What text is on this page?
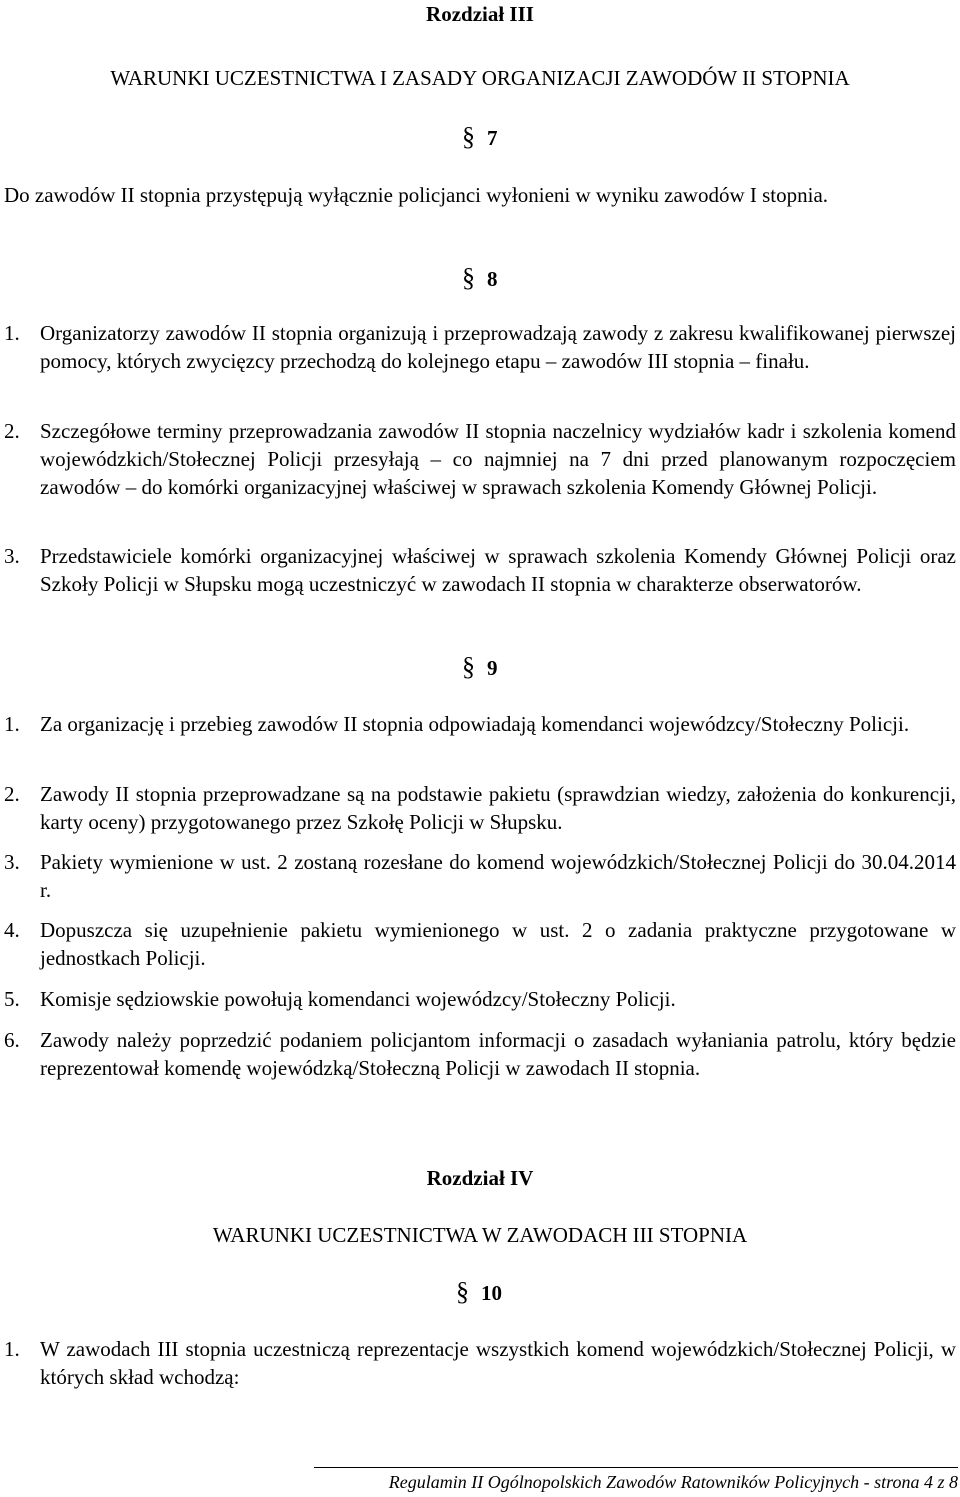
Rozdział III
WARUNKI UCZESTNICTWA I ZASADY ORGANIZACJI ZAWODÓW II STOPNIA
§ 7
Do zawodów II stopnia przystępują wyłącznie policjanci wyłonieni w wyniku zawodów I stopnia.
§ 8
1. Organizatorzy zawodów II stopnia organizują i przeprowadzają zawody z zakresu kwalifikowanej pierwszej pomocy, których zwycięzcy przechodzą do kolejnego etapu – zawodów III stopnia – finału.
2. Szczegółowe terminy przeprowadzania zawodów II stopnia naczelnicy wydziałów kadr i szkolenia komend wojewódzkich/Stołecznej Policji przesyłają – co najmniej na 7 dni przed planowanym rozpoczęciem zawodów – do komórki organizacyjnej właściwej w sprawach szkolenia Komendy Głównej Policji.
3. Przedstawiciele komórki organizacyjnej właściwej w sprawach szkolenia Komendy Głównej Policji oraz Szkoły Policji w Słupsku mogą uczestniczyć w zawodach II stopnia w charakterze obserwatorów.
§ 9
1. Za organizację i przebieg zawodów II stopnia odpowiadają komendanci wojewódzcy/Stołeczny Policji.
2. Zawody II stopnia przeprowadzane są na podstawie pakietu (sprawdzian wiedzy, założenia do konkurencji, karty oceny) przygotowanego przez Szkołę Policji w Słupsku.
3. Pakiety wymienione w ust. 2 zostaną rozesłane do komend wojewódzkich/Stołecznej Policji do 30.04.2014 r.
4. Dopuszcza się uzupełnienie pakietu wymienionego w ust. 2 o zadania praktyczne przygotowane w jednostkach Policji.
5. Komisje sędziowskie powołują komendanci wojewódzcy/Stołeczny Policji.
6. Zawody należy poprzedzić podaniem policjantom informacji o zasadach wyłaniania patrolu, który będzie reprezentował komendę wojewódzką/Stołeczną Policji w zawodach II stopnia.
Rozdział IV
WARUNKI UCZESTNICTWA W ZAWODACH III STOPNIA
§ 10
1. W zawodach III stopnia uczestniczą reprezentacje wszystkich komend wojewódzkich/Stołecznej Policji, w których skład wchodzą:
Regulamin II Ogólnopolskich Zawodów Ratowników Policyjnych - strona 4 z 8
